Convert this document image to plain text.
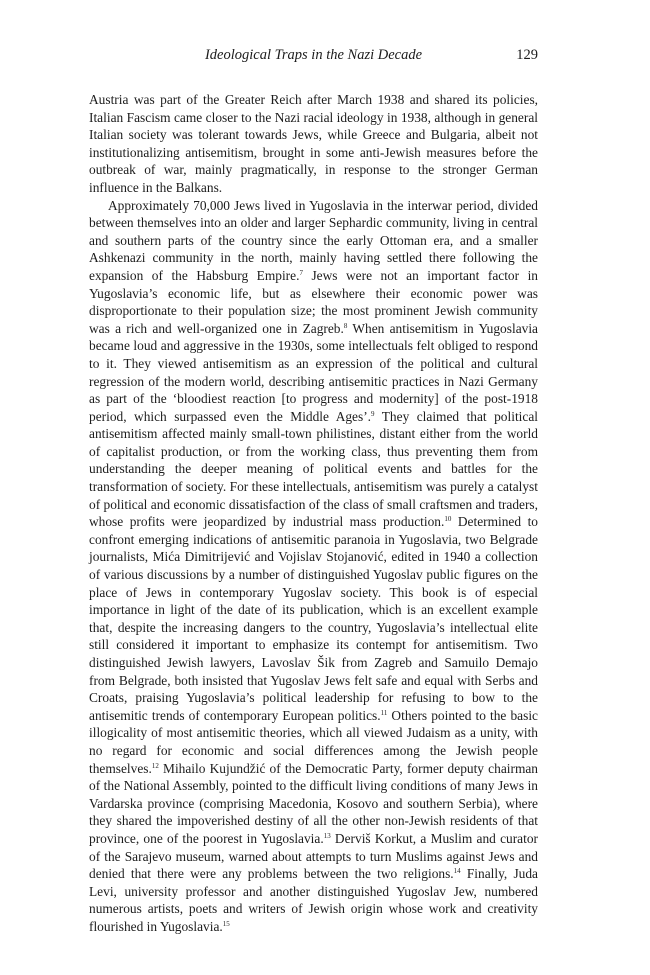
Ideological Traps in the Nazi Decade	129

Austria was part of the Greater Reich after March 1938 and shared its policies, Italian Fascism came closer to the Nazi racial ideology in 1938, although in general Italian society was tolerant towards Jews, while Greece and Bulgaria, albeit not institutionalizing antisemitism, brought in some anti-Jewish measures before the outbreak of war, mainly pragmatically, in response to the stronger German influence in the Balkans.

Approximately 70,000 Jews lived in Yugoslavia in the interwar period, divided between themselves into an older and larger Sephardic community, living in central and southern parts of the country since the early Ottoman era, and a smaller Ashkenazi community in the north, mainly having settled there following the expansion of the Habsburg Empire.$^7$ Jews were not an important factor in Yugoslavia’s economic life, but as elsewhere their economic power was disproportionate to their population size; the most prominent Jewish community was a rich and well-organized one in Zagreb.$^8$ When antisemitism in Yugoslavia became loud and aggressive in the 1930s, some intellectuals felt obliged to respond to it. They viewed antisemitism as an expression of the political and cultural regression of the modern world, describing antisemitic practices in Nazi Germany as part of the ‘bloodiest reaction [to progress and modernity] of the post-1918 period, which surpassed even the Middle Ages’.$^9$ They claimed that political antisemitism affected mainly small-town philistines, distant either from the world of capitalist production, or from the working class, thus preventing them from understanding the deeper meaning of political events and battles for the transformation of society. For these intellectuals, antisemitism was purely a catalyst of political and economic dissatisfaction of the class of small craftsmen and traders, whose profits were jeopardized by industrial mass production.$^{10}$ Determined to confront emerging indications of antisemitic paranoia in Yugoslavia, two Belgrade journalists, Mića Dimitrijević and Vojislav Stojanović, edited in 1940 a collection of various discussions by a number of distinguished Yugoslav public figures on the place of Jews in contemporary Yugoslav society. This book is of especial importance in light of the date of its publication, which is an excellent example that, despite the increasing dangers to the country, Yugoslavia’s intellectual elite still considered it important to emphasize its contempt for antisemitism. Two distinguished Jewish lawyers, Lavoslav Šik from Zagreb and Samuilo Demajo from Belgrade, both insisted that Yugoslav Jews felt safe and equal with Serbs and Croats, praising Yugoslavia’s political leadership for refusing to bow to the antisemitic trends of contemporary European politics.$^{11}$ Others pointed to the basic illogicality of most antisemitic theories, which all viewed Judaism as a unity, with no regard for economic and social differences among the Jewish people themselves.$^{12}$ Mihailo Kujundžić of the Democratic Party, former deputy chairman of the National Assembly, pointed to the difficult living conditions of many Jews in Vardarska province (comprising Macedonia, Kosovo and southern Serbia), where they shared the impoverished destiny of all the other non-Jewish residents of that province, one of the poorest in Yugoslavia.$^{13}$ Derviš Korkut, a Muslim and curator of the Sarajevo museum, warned about attempts to turn Muslims against Jews and denied that there were any problems between the two religions.$^{14}$ Finally, Juda Levi, university professor and another distinguished Yugoslav Jew, numbered numerous artists, poets and writers of Jewish origin whose work and creativity flourished in Yugoslavia.$^{15}$
